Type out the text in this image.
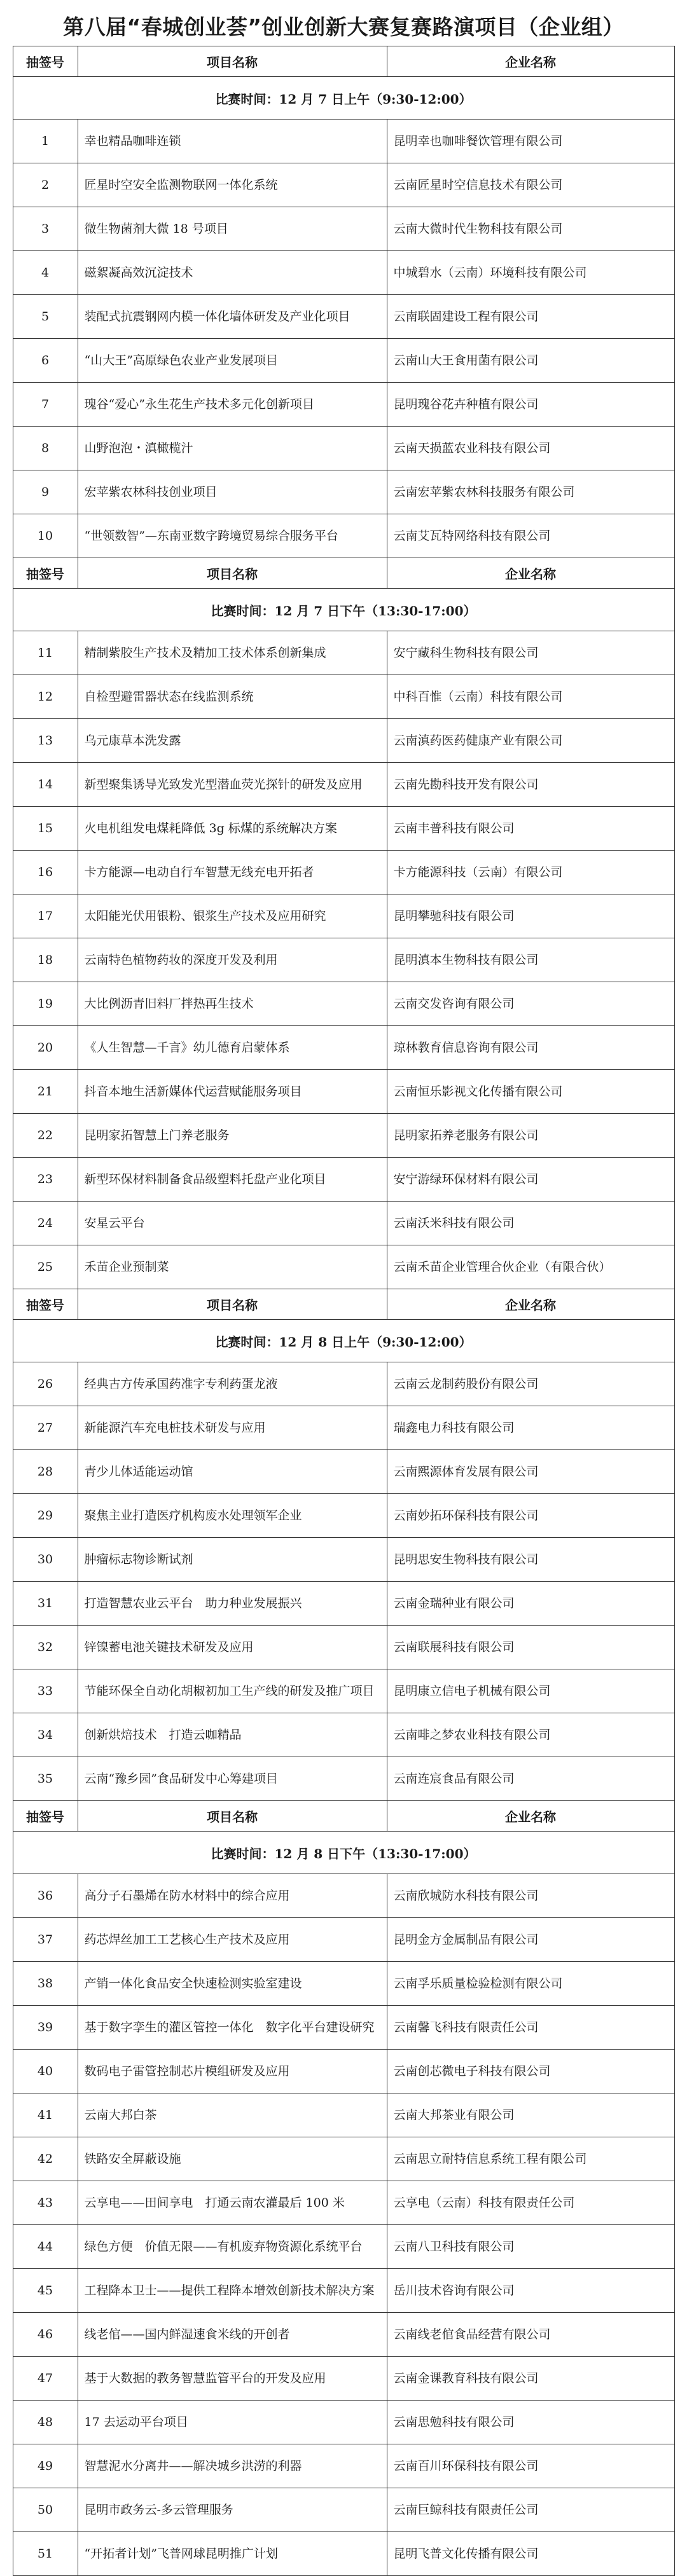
第八届“春城创业荟”创业创新大赛复赛路演项目（企业组）
抽签号	项目名称	企业名称
比赛时间：12 月 7 日上午（9:30-12:00）		
1	幸也精品咖啡连锁	昆明幸也咖啡餐饮管理有限公司
2	匠星时空安全监测物联网一体化系统	云南匠星时空信息技术有限公司
3	微生物菌剂大微 18 号项目	云南大微时代生物科技有限公司
4	磁絮凝高效沉淀技术	中城碧水（云南）环境科技有限公司
5	装配式抗震钢网内模一体化墙体研发及产业化项目	云南联固建设工程有限公司
6	“山大王”高原绿色农业产业发展项目	云南山大王食用菌有限公司
7	瑰谷“爱心”永生花生产技术多元化创新项目	昆明瑰谷花卉种植有限公司
8	山野泡泡・滇橄榄汁	云南天损蓝农业科技有限公司
9	宏苹紫农林科技创业项目	云南宏苹紫农林科技服务有限公司
10	“世领数智”—东南亚数字跨境贸易综合服务平台	云南艾瓦特网络科技有限公司
抽签号	项目名称	企业名称
比赛时间：12 月 7 日下午（13:30-17:00）		
11	精制紫胶生产技术及精加工技术体系创新集成	安宁藏科生物科技有限公司
12	自检型避雷器状态在线监测系统	中科百惟（云南）科技有限公司
13	乌元康草本洗发露	云南滇药医药健康产业有限公司
14	新型聚集诱导光致发光型潜血荧光探针的研发及应用	云南先勘科技开发有限公司
15	火电机组发电煤耗降低 3g 标煤的系统解决方案	云南丰普科技有限公司
16	卡方能源—电动自行车智慧无线充电开拓者	卡方能源科技（云南）有限公司
17	太阳能光伏用银粉、银浆生产技术及应用研究	昆明攀驰科技有限公司
18	云南特色植物药妆的深度开发及利用	昆明滇本生物科技有限公司
19	大比例沥青旧料厂拌热再生技术	云南交发咨询有限公司
20	《人生智慧—千言》幼儿德育启蒙体系	琼林教育信息咨询有限公司
21	抖音本地生活新媒体代运营赋能服务项目	云南恒乐影视文化传播有限公司
22	昆明家拓智慧上门养老服务	昆明家拓养老服务有限公司
23	新型环保材料制备食品级塑料托盘产业化项目	安宁游绿环保材料有限公司
24	安星云平台	云南沃米科技有限公司
25	禾苗企业预制菜	云南禾苗企业管理合伙企业（有限合伙）
抽签号	项目名称	企业名称
比赛时间：12 月 8 日上午（9:30-12:00）		
26	经典古方传承国药准字专利药蛋龙液	云南云龙制药股份有限公司
27	新能源汽车充电桩技术研发与应用	瑞鑫电力科技有限公司
28	青少儿体适能运动馆	云南熙源体育发展有限公司
29	聚焦主业打造医疗机构废水处理领军企业	云南妙拓环保科技有限公司
30	肿瘤标志物诊断试剂	昆明思安生物科技有限公司
31	打造智慧农业云平台　助力种业发展振兴	云南金瑞种业有限公司
32	锌镍蓄电池关键技术研发及应用	云南联展科技有限公司
33	节能环保全自动化胡椒初加工生产线的研发及推广项目	昆明康立信电子机械有限公司
34	创新烘焙技术　打造云咖精品	云南啡之梦农业科技有限公司
35	云南“豫乡园”食品研发中心筹建项目	云南连宸食品有限公司
抽签号	项目名称	企业名称
比赛时间：12 月 8 日下午（13:30-17:00）		
36	高分子石墨烯在防水材料中的综合应用	云南欣城防水科技有限公司
37	药芯焊丝加工工艺核心生产技术及应用	昆明金方金属制品有限公司
38	产销一体化食品安全快速检测实验室建设	云南孚乐质量检验检测有限公司
39	基于数字孪生的灌区管控一体化　数字化平台建设研究	云南馨飞科技有限责任公司
40	数码电子雷管控制芯片模组研发及应用	云南创芯微电子科技有限公司
41	云南大邦白茶	云南大邦茶业有限公司
42	铁路安全屏蔽设施	云南思立耐特信息系统工程有限公司
43	云享电——田间享电　打通云南农灌最后 100 米	云享电（云南）科技有限责任公司
44	绿色方便　价值无限——有机废弃物资源化系统平台	云南八卫科技有限公司
45	工程降本卫士——提供工程降本增效创新技术解决方案	岳川技术咨询有限公司
46	线老倌——国内鲜湿速食米线的开创者	云南线老倌食品经营有限公司
47	基于大数据的教务智慧监管平台的开发及应用	云南金课教育科技有限公司
48	17 去运动平台项目	云南思勉科技有限公司
49	智慧泥水分离井——解决城乡洪涝的利器	云南百川环保科技有限公司
50	昆明市政务云-多云管理服务	云南巨鲸科技有限责任公司
51	“开拓者计划”飞普网球昆明推广计划	昆明飞普文化传播有限公司
